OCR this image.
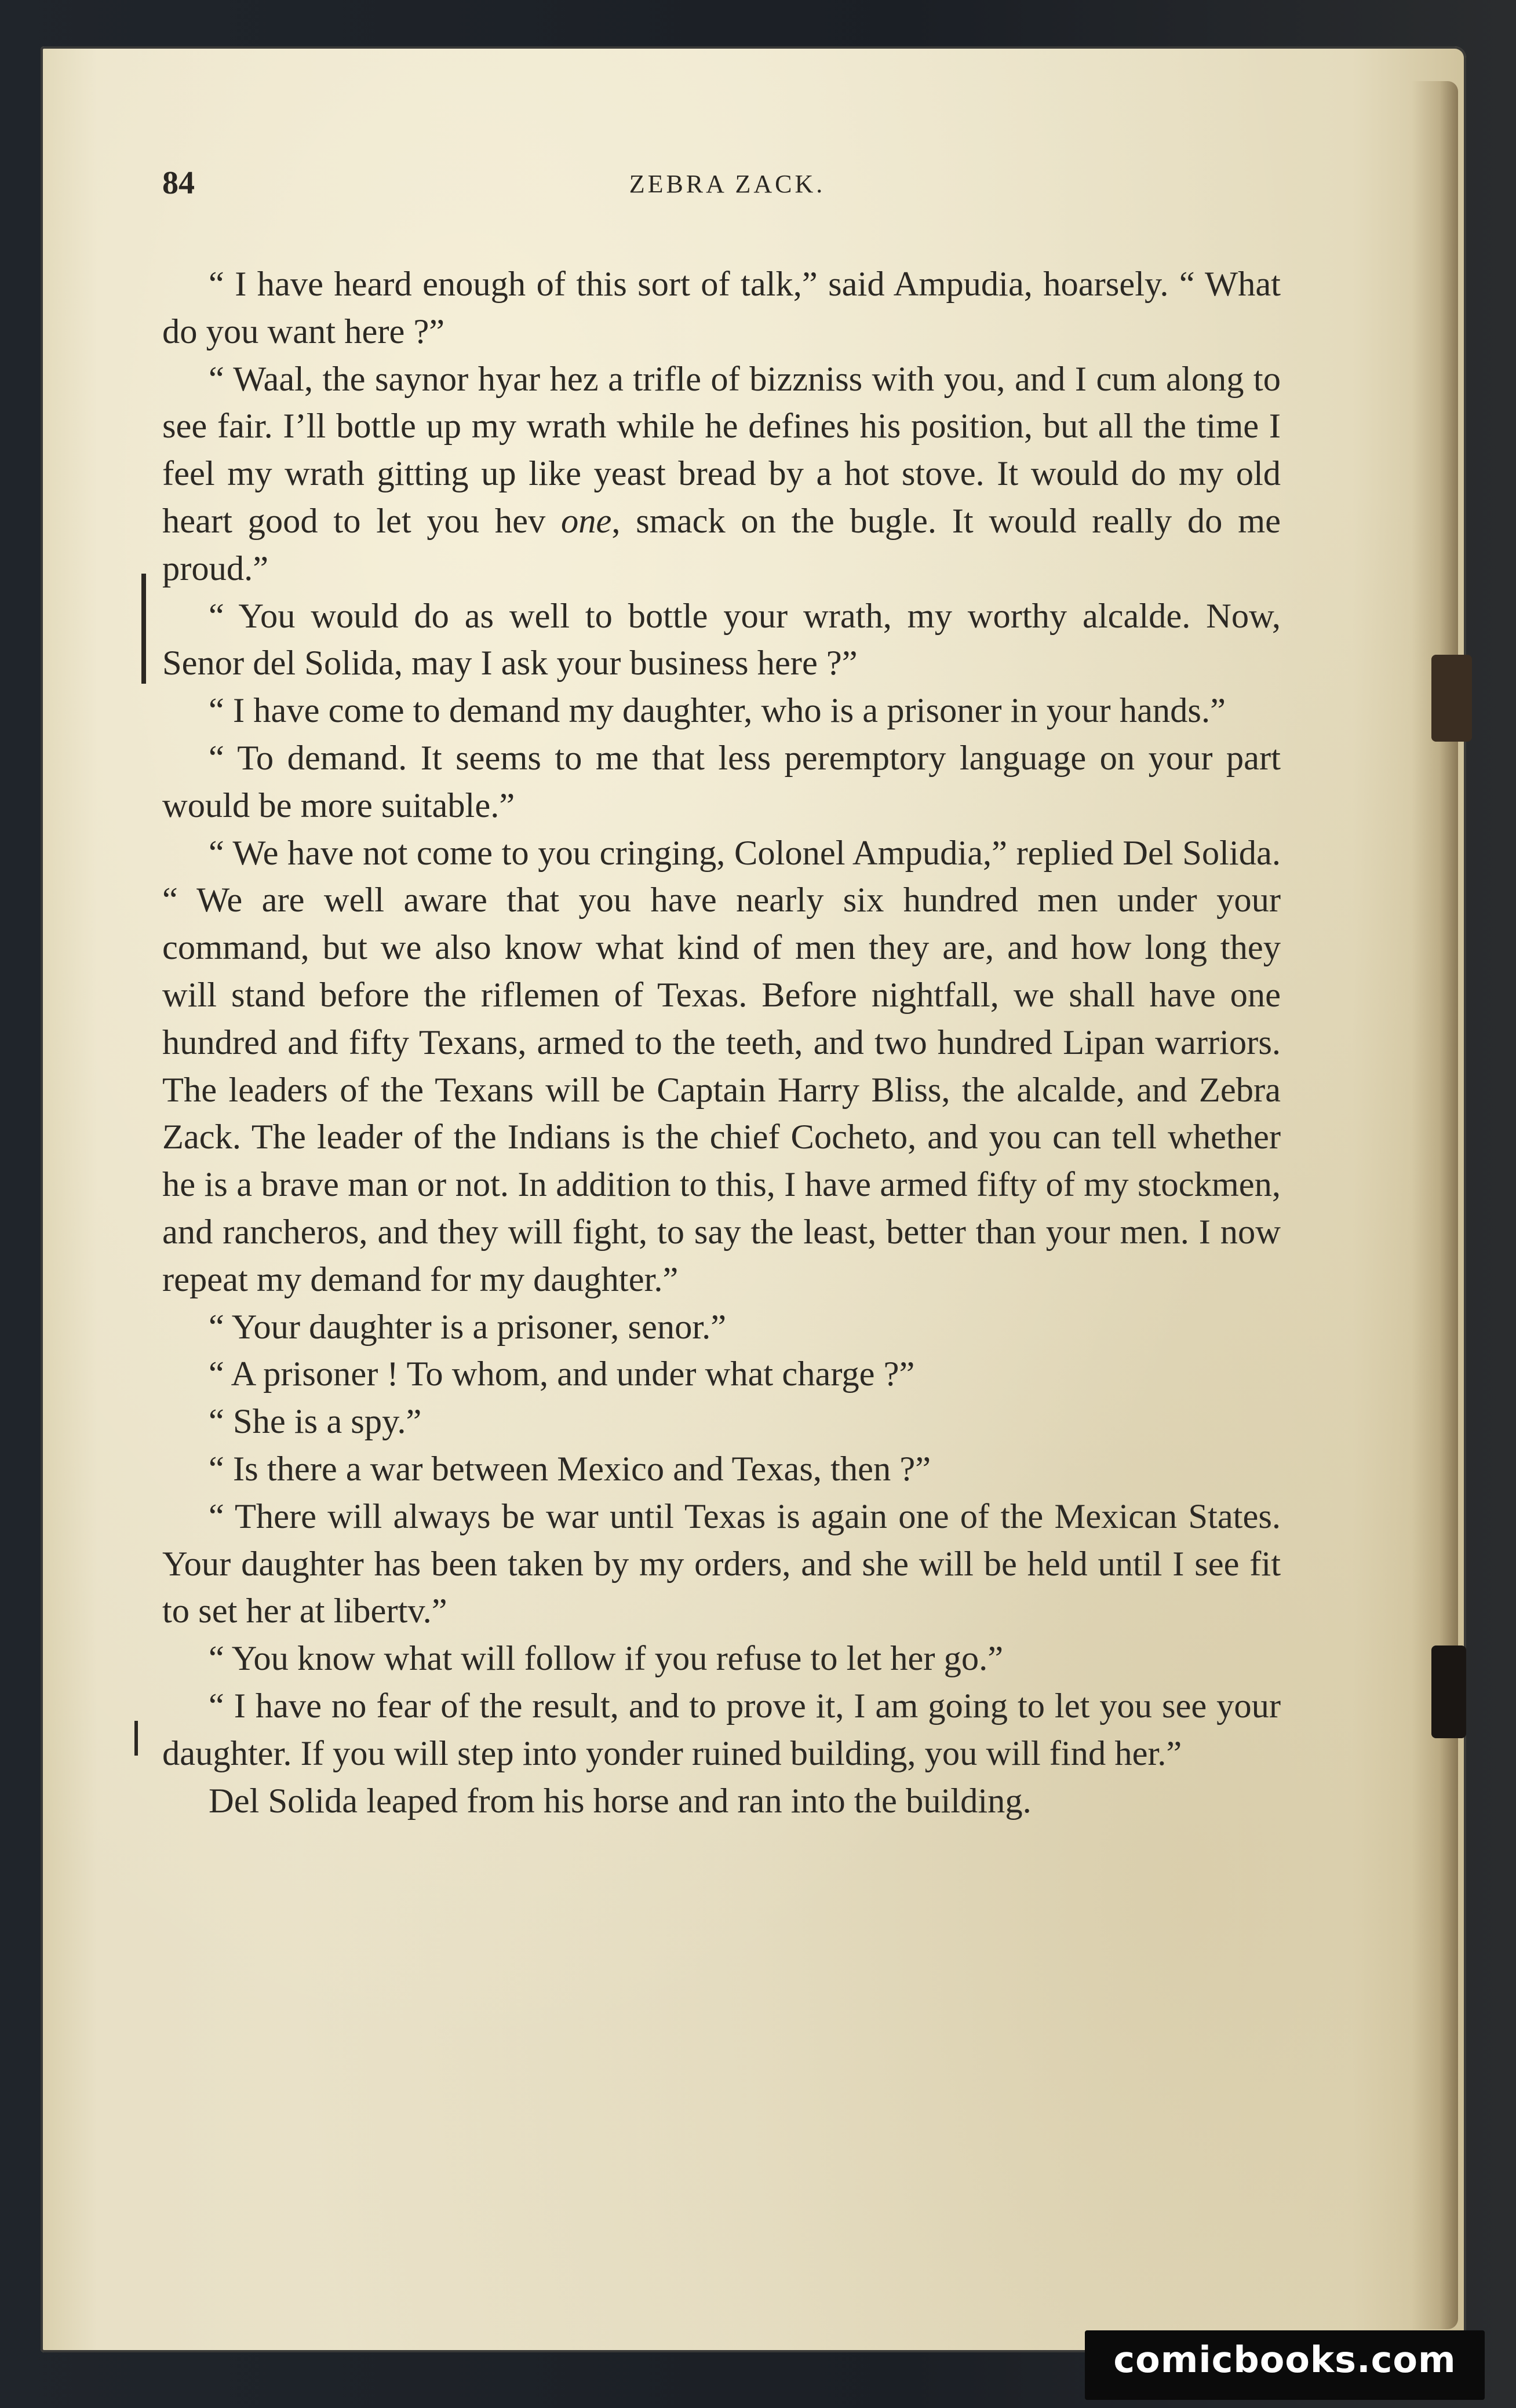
84	ZEBRA ZACK.

“ I have heard enough of this sort of talk,” said Ampudia, hoarsely. “ What do you want here ?”

“ Waal, the saynor hyar hez a trifle of bizzniss with you, and I cum along to see fair. I’ll bottle up my wrath while he defines his position, but all the time I feel my wrath gitting up like yeast bread by a hot stove. It would do my old heart good to let you hev one, smack on the bugle. It would really do me proud.”

“ You would do as well to bottle your wrath, my worthy alcalde. Now, Senor del Solida, may I ask your business here ?”

“ I have come to demand my daughter, who is a prisoner in your hands.”

“ To demand. It seems to me that less peremptory language on your part would be more suitable.”

“ We have not come to you cringing, Colonel Ampudia,” replied Del Solida. “ We are well aware that you have nearly six hundred men under your command, but we also know what kind of men they are, and how long they will stand before the riflemen of Texas. Before nightfall, we shall have one hundred and fifty Texans, armed to the teeth, and two hundred Lipan warriors. The leaders of the Texans will be Captain Harry Bliss, the alcalde, and Zebra Zack. The leader of the Indians is the chief Cocheto, and you can tell whether he is a brave man or not. In addition to this, I have armed fifty of my stockmen, and rancheros, and they will fight, to say the least, better than your men. I now repeat my demand for my daughter.”

“ Your daughter is a prisoner, senor.”

“ A prisoner ! To whom, and under what charge ?”

“ She is a spy.”

“ Is there a war between Mexico and Texas, then ?”

“ There will always be war until Texas is again one of the Mexican States. Your daughter has been taken by my orders, and she will be held until I see fit to set her at libertv.”

“ You know what will follow if you refuse to let her go.”

“ I have no fear of the result, and to prove it, I am going to let you see your daughter. If you will step into yonder ruined building, you will find her.”

Del Solida leaped from his horse and ran into the building.

comicbooks.com
